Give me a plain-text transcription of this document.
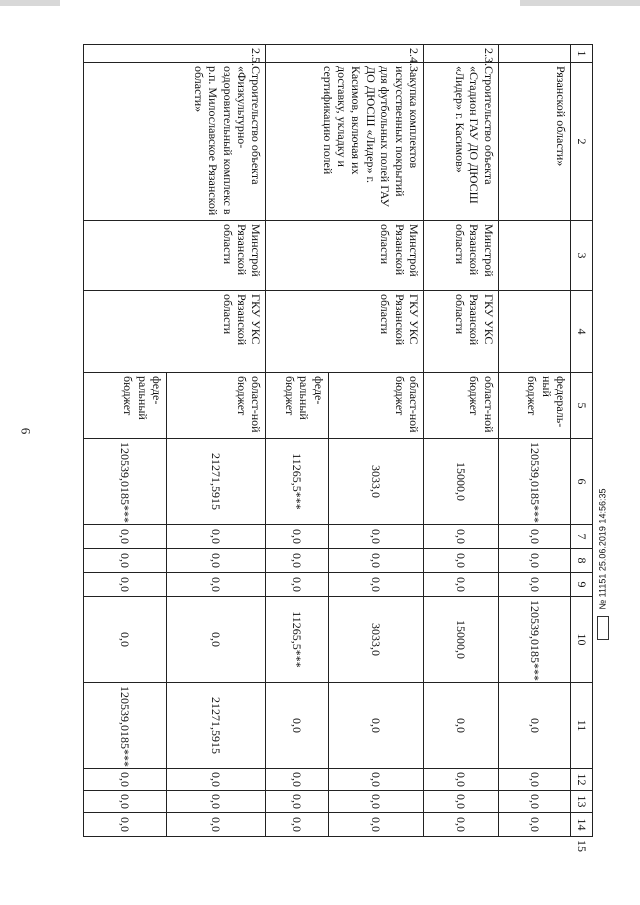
6
1	2	3	4	5	6	7	8	9	10	11	12	13	14	15
	Рязанской области»			федераль-ный бюджет	120539,0185***	0,0	0,0	0,0	120539,0185***	0,0	0,0	0,0	0,0	
2.3.	Строительство объекта «Стадион ГАУ ДО ДЮСШ «Лидер» г. Касимов»	Минстрой Рязанской области	ГКУ УКС Рязанской области	област-ной бюджет	15000,0	0,0	0,0	0,0	15000,0	0,0	0,0	0,0	0,0	
2.4.	Закупка комплектов искусственных покрытий для футбольных полей ГАУ ДО ДЮСШ «Лидер» г. Касимов, включая их доставку, укладку и сертификацию полей	Минстрой Рязанской области	ГКУ УКС Рязанской области	област-ной бюджет	3033,0	0,0	0,0	0,0	3033,0	0,0	0,0	0,0	0,0	
				феде-ральный бюджет	11265,5***	0,0	0,0	0,0	11265,5***	0,0	0,0	0,0	0,0	
2.5.	Строительство объекта «Физкультурно-оздоровительный комплекс в р.п. Милославское Рязанской области»	Минстрой Рязанской области	ГКУ УКС Рязанской области	област-ной бюджет	21271,5915	0,0	0,0	0,0	0,0	21271,5915	0,0	0,0	0,0	
				феде-ральный бюджет	120539,0185***	0,0	0,0	0,0	0,0	120539,0185***	0,0	0,0	0,0	
№ 11151 25.06.2019 14:56:35
